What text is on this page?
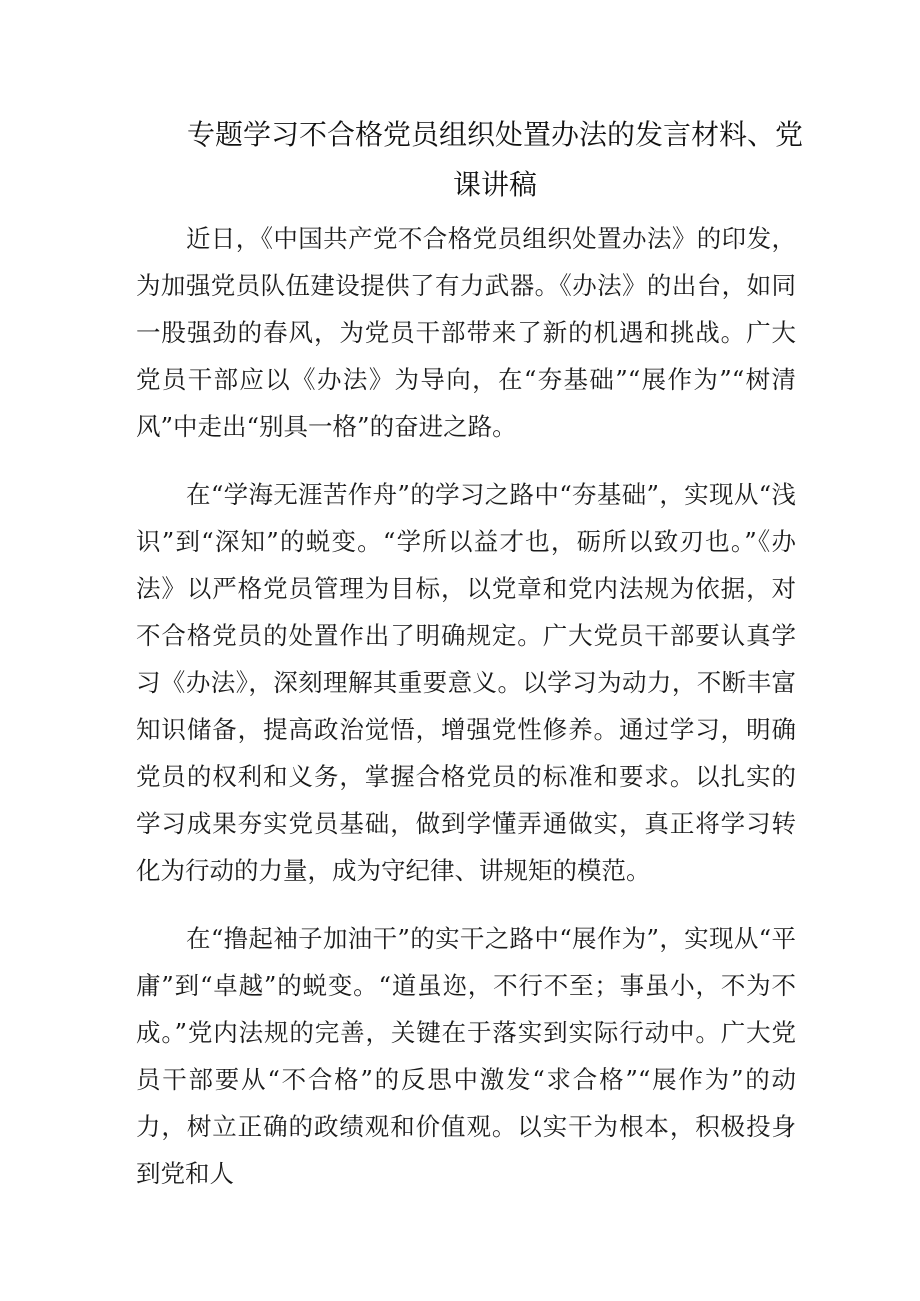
专题学习不合格党员组织处置办法的发言材料、党课讲稿

近日，《中国共产党不合格党员组织处置办法》的印发，为加强党员队伍建设提供了有力武器。《办法》的出台，如同一股强劲的春风，为党员干部带来了新的机遇和挑战。广大党员干部应以《办法》为导向，在“夯基础”“展作为”“树清风”中走出“别具一格”的奋进之路。

在“学海无涯苦作舟”的学习之路中“夯基础”，实现从“浅识”到“深知”的蜕变。“学所以益才也，砺所以致刃也。”《办法》以严格党员管理为目标，以党章和党内法规为依据，对不合格党员的处置作出了明确规定。广大党员干部要认真学习《办法》，深刻理解其重要意义。以学习为动力，不断丰富知识储备，提高政治觉悟，增强党性修养。通过学习，明确党员的权利和义务，掌握合格党员的标准和要求。以扎实的学习成果夯实党员基础，做到学懂弄通做实，真正将学习转化为行动的力量，成为守纪律、讲规矩的模范。

在“撸起袖子加油干”的实干之路中“展作为”，实现从“平庸”到“卓越”的蜕变。“道虽迩，不行不至；事虽小，不为不成。”党内法规的完善，关键在于落实到实际行动中。广大党员干部要从“不合格”的反思中激发“求合格”“展作为”的动力，树立正确的政绩观和价值观。以实干为根本，积极投身到党和人
